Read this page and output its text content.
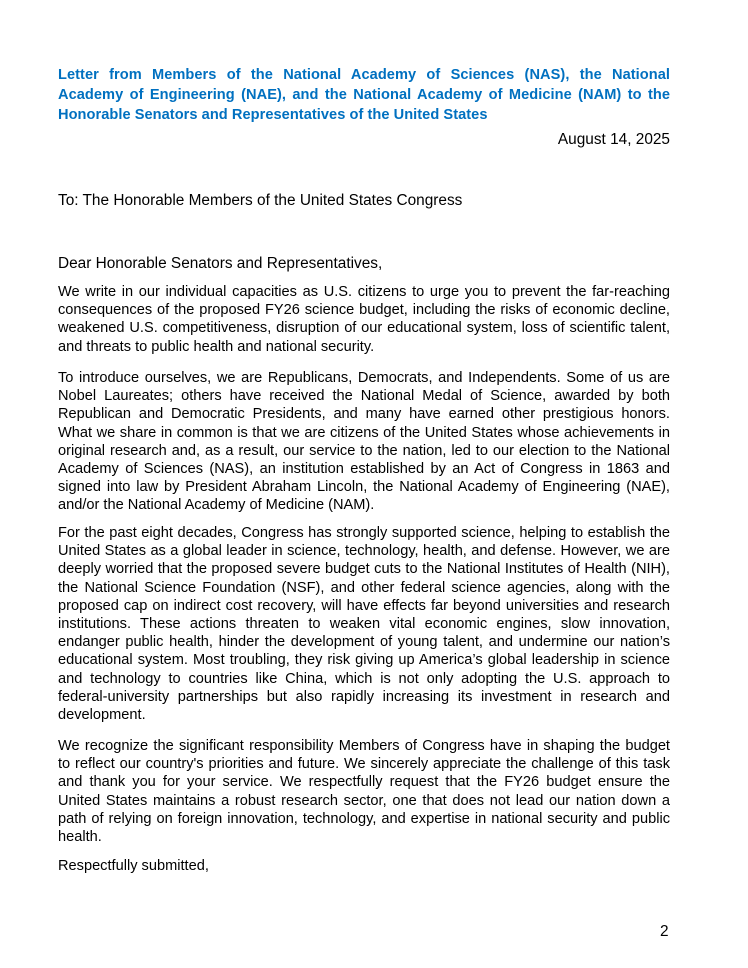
Letter from Members of the National Academy of Sciences (NAS), the National Academy of Engineering (NAE), and the National Academy of Medicine (NAM) to the Honorable Senators and Representatives of the United States
August 14, 2025
To: The Honorable Members of the United States Congress
Dear Honorable Senators and Representatives,

We write in our individual capacities as U.S. citizens to urge you to prevent the far-reaching consequences of the proposed FY26 science budget, including the risks of economic decline, weakened U.S. competitiveness, disruption of our educational system, loss of scientific talent, and threats to public health and national security.

To introduce ourselves, we are Republicans, Democrats, and Independents. Some of us are Nobel Laureates; others have received the National Medal of Science, awarded by both Republican and Democratic Presidents, and many have earned other prestigious honors. What we share in common is that we are citizens of the United States whose achievements in original research and, as a result, our service to the nation, led to our election to the National Academy of Sciences (NAS), an institution established by an Act of Congress in 1863 and signed into law by President Abraham Lincoln, the National Academy of Engineering (NAE), and/or the National Academy of Medicine (NAM).

For the past eight decades, Congress has strongly supported science, helping to establish the United States as a global leader in science, technology, health, and defense. However, we are deeply worried that the proposed severe budget cuts to the National Institutes of Health (NIH), the National Science Foundation (NSF), and other federal science agencies, along with the proposed cap on indirect cost recovery, will have effects far beyond universities and research institutions. These actions threaten to weaken vital economic engines, slow innovation, endanger public health, hinder the development of young talent, and undermine our nation’s educational system. Most troubling, they risk giving up America’s global leadership in science and technology to countries like China, which is not only adopting the U.S. approach to federal-university partnerships but also rapidly increasing its investment in research and development.

We recognize the significant responsibility Members of Congress have in shaping the budget to reflect our country's priorities and future. We sincerely appreciate the challenge of this task and thank you for your service. We respectfully request that the FY26 budget ensure the United States maintains a robust research sector, one that does not lead our nation down a path of relying on foreign innovation, technology, and expertise in national security and public health.

Respectfully submitted,
2
